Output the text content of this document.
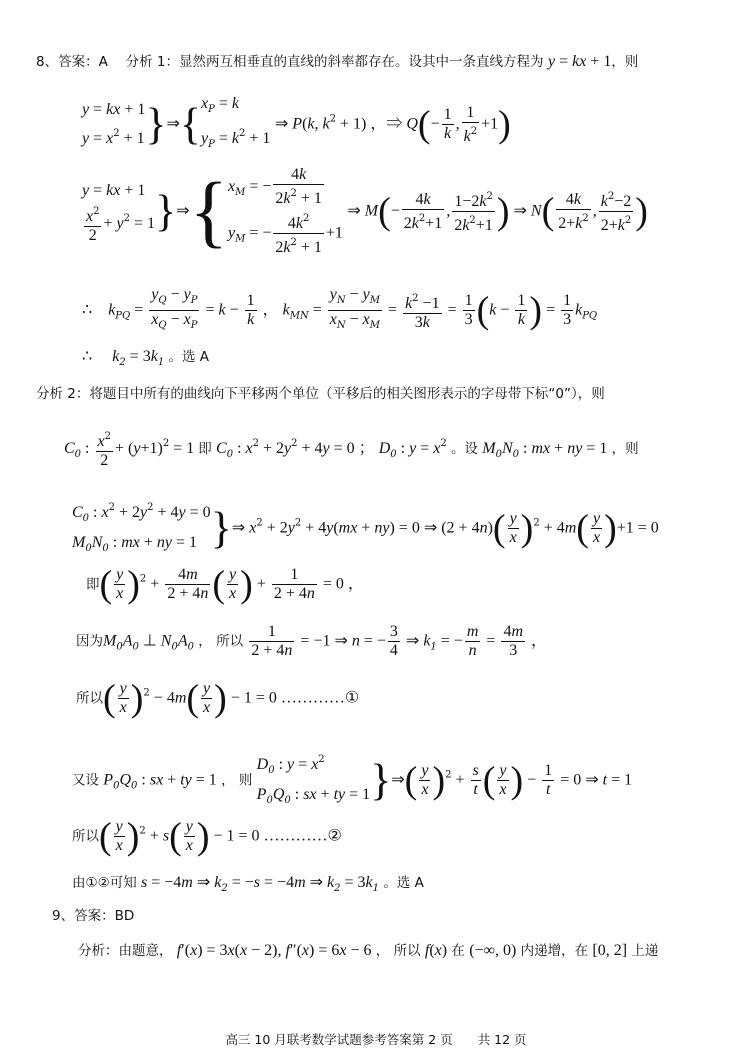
8、答案：A　 分析 1：显然两互相垂直的直线的斜率都存在。设其中一条直线方程为 y = kx + 1，则
y = kx + 1
$y = x^2 + 1$ }⇒{ $x_P = k$
$y_P = k^2 + 1$
⇒ P(k, $k^2 + 1$) ，⇒ $Q(- \frac{1}{k}$ , $\frac{1}{k^2} +1$)
y = kx + 1
$\frac{x^2}{2} + y^2 = 1$ }⇒{ $x_M$ = − $\frac{4k}{2k^2 + 1}$
$y_M$ = − $\frac{4k^2}{2k^2 + 1} +1$
⇒ $M(- \frac{4k}{2k^2+1}$ , $\frac{1-2k^2}{2k^2+1}$ ) ⇒ $N( \frac{4k}{2+k^2}$ , $\frac{k^2-2}{2+k^2}$ )
∴　$k_{PQ} = \frac{y_Q - y_P}{x_Q - x_P} = k - \frac{1}{k}$ ， $k_{MN} = \frac{y_N - y_M}{x_N - x_M} = \frac{k^2 -1}{3k} = \frac{1}{3} (k - \frac{1}{k}$ ) = $\frac{1}{3} k_{PQ}$
∴　 $k_2 = 3k_1$ 。选 A
分析 2：将题目中所有的曲线向下平移两个单位（平移后的相关图形表示的字母带下标“0”），则
$C_0$ : $\frac{x^2}{2} + (y+1)^2 = 1$ 即 $C_0$ : $x^2 + 2y^2 + 4y = 0$ ； $D_0$ : $y = x^2$ 。设 $M_0N_0$ : mx + ny = 1 ，则
$C_0$ : $x^2 + 2y^2 + 4y = 0$
$M_0N_0$ : mx + ny = 1 }⇒ $x^2 + 2y^2 + 4y(mx + ny) = 0$ ⇒ $(2 + 4n)( \frac{y}{x} )^2 + 4m( \frac{y}{x} )+1 = 0$
即( $\frac{y}{x} )^2 + \frac{4m}{2 + 4n}$ ( $\frac{y}{x}$ ) + $\frac{1}{2 + 4n} = 0$ ，
因为$M_0A_0$ ⊥ $N_0A_0$ ， 所以 $\frac{1}{2 + 4n} = -1$ ⇒ n = − $\frac{3}{4}$ ⇒ $k_1$ = − $\frac{m}{n} = \frac{4m}{3}$ ，
所以( $\frac{y}{x} )^2 - 4m( \frac{y}{x}$ ) − 1 = 0 …………①
又设 $P_0Q_0$ : sx + ty = 1 ， 则
$D_0$ : $y = x^2$
$P_0Q_0$ : sx + ty = 1 }⇒( $\frac{y}{x} )^2 + \frac{s}{t}$ ( $\frac{y}{x}$ ) − $\frac{1}{t} = 0$ ⇒ t = 1
所以( $\frac{y}{x} )^2 + s( \frac{y}{x}$ ) − 1 = 0 …………②
由①②可知 s = −4m ⇒ $k_2 = -s = -4m$ ⇒ $k_2 = 3k_1$ 。选 A
9、答案：BD
分析：由题意， f′(x) = 3x(x − 2), f″(x) = 6x − 6 ， 所以 f(x) 在 (−∞, 0) 内递增，在 [0, 2] 上递
高三 10 月联考数学试题参考答案第 2 页　　共 12 页
